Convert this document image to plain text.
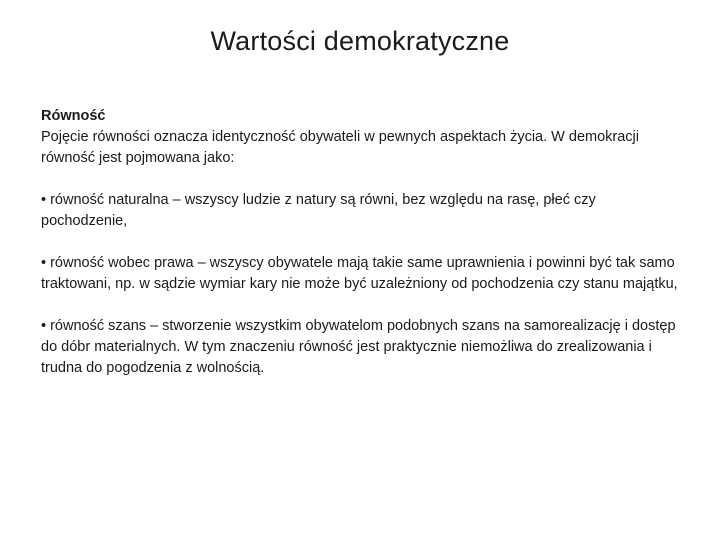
Wartości demokratyczne

Równość

Pojęcie równości oznacza identyczność obywateli w pewnych aspektach życia. W demokracji równość jest pojmowana jako:

• równość naturalna – wszyscy ludzie z natury są równi, bez względu na rasę, płeć czy pochodzenie,

• równość wobec prawa – wszyscy obywatele mają takie same uprawnienia i powinni być tak samo traktowani, np. w sądzie wymiar kary nie może być uzależniony od pochodzenia czy stanu majątku,

• równość szans – stworzenie wszystkim obywatelom podobnych szans na samorealizację i dostęp do dóbr materialnych. W tym znaczeniu równość jest praktycznie niemożliwa do zrealizowania i trudna do pogodzenia z wolnością.
